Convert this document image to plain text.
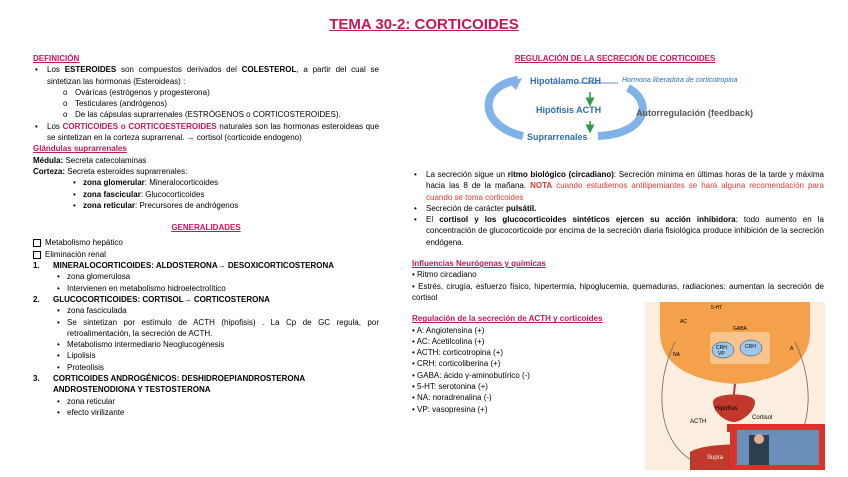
TEMA 30-2: CORTICOIDES
DEFINICIÓN
• Los ESTEROIDES son compuestos derivados del COLESTEROL, a partir del cual se sintetizan las hormonas (Esteroideas) :
o Ovárícas (estrógenos y progesterona)
o Testiculares (andrógenos)
o De las cápsulas suprarrenales (ESTRÓGENOS o CORTICOSTEROIDES).
• Los CORTICOIDES o CORTICOESTEROIDES naturales son las hormonas esteroideas que se sintetizan en la corteza suprarrenal. → cortisol (corticoide endogeno)
Glándulas suprarrenales
Médula: Secreta catecolaminas
Corteza: Secreta esteroides suprarrenales:
• zona glomerular: Mineralocorticoides
• zona fascicular: Glucocorticoides
• zona reticular: Precursores de andrógenos
GENERALIDADES
Metabolismo hepático
Eliminación renal
1. MINERALOCORTICOIDES: ALDOSTERONA→ DESOXICORTICOSTERONA
• zona glomerulosa
• Intervienen en metabolismo hidroelectrolítico
2. GLUCOCORTICOIDES: CORTISOL→ CORTICOSTERONA
• zona fasciculada
• Se sintetizan por estímulo de ACTH (hipofisis) . La Cp de GC regula, por retroalimentación, la secreción de ACTH.
• Metabolismo intermediario Neoglucogénesis
• Lipolisis
• Proteolisis
3. CORTICOIDES ANDROGÉNICOS: DESHIDROEPIANDROSTERONA ANDROSTENODIONA Y TESTOSTERONA
• zona reticular
• efecto virilizante
REGULACIÓN DE LA SECRECIÓN DE CORTICOIDES
Hipotálamo CRH	Hormona liberadora de corticotropina
Hipófisis ACTH
Suprarrenales
Autorregulación (feedback)
• La secreción sigue un ritmo biológico (circadiano): Secreción mínima en últimas horas de la tarde y máxima hacia las 8 de la mañana. NOTA cuando estudiemos antilipemiantes se hará alguna recomendación para cuando se toma corticoides
• Secreción de carácter pulsátil.
• El cortisol y los glucocorticoides sintéticos ejercen su acción inhibidora: todo aumento en la concentración de glucocorticoide por encima de la secreción diaria fisiológica produce inhibición de la secreción endógena.
Influencias Neurógenas y químicas
• Ritmo circadiano
• Estrés, cirugía, esfuerzo físico, hipertermia, hipoglucemia, quemaduras, radiaciones: aumentan la secreción de cortisol
Regulación de la secreción de ACTH y corticoides
• A: Angiotensina (+)
• AC: Acetilcolina (+)
• ACTH: corticotropina (+)
• CRH: corticoliberina (+)
• GABA: ácido γ-aminobutírico (-)
• 5-HT: serotonina (+)
• NA: noradrenalina (-)
• VP: vasopresina (+)
5-HT
AC
GABA
CRH
VP
CRH
NA
A
Hipófisis
ACTH
Cortisol
Supra
